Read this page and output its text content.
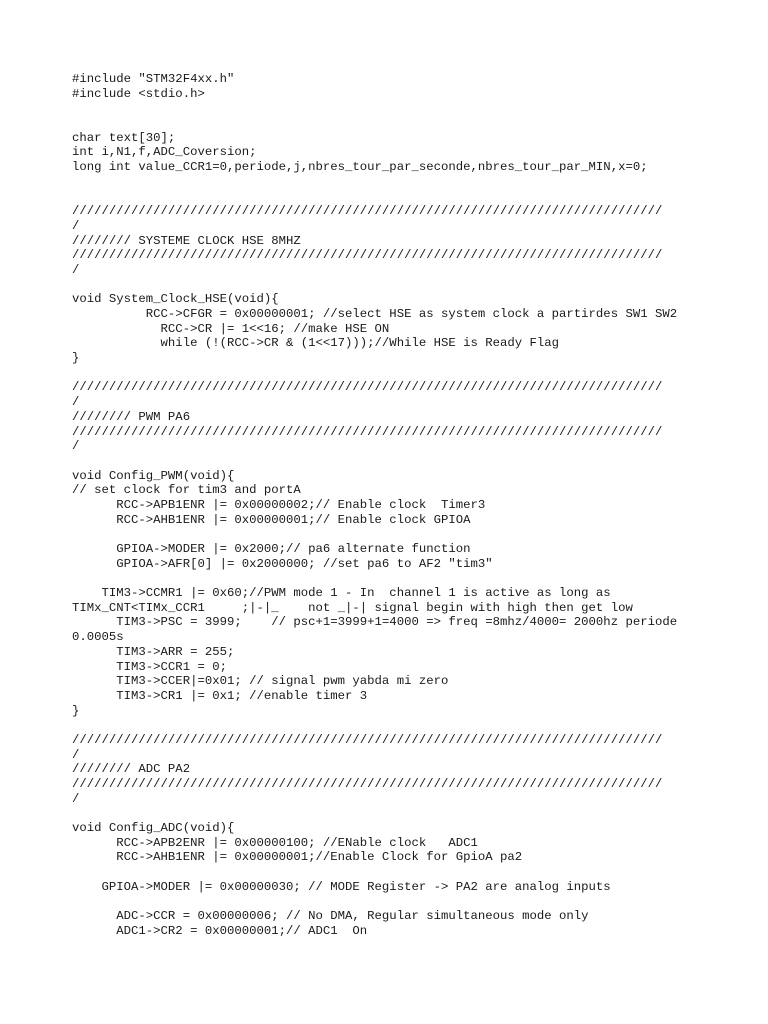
#include "STM32F4xx.h"
#include <stdio.h>
char text[30];
int i,N1,f,ADC_Coversion;
long int value_CCR1=0,periode,j,nbres_tour_par_seconde,nbres_tour_par_MIN,x=0;
////////////////////////////////////////////////////////////////////////////////
/
//////// SYSTEME CLOCK HSE 8MHZ
////////////////////////////////////////////////////////////////////////////////
/
void System_Clock_HSE(void){
RCC->CFGR = 0x00000001; //select HSE as system clock a partirdes SW1 SW2
RCC->CR |= 1<<16; //make HSE ON
while (!(RCC->CR & (1<<17)));//While HSE is Ready Flag
}
////////////////////////////////////////////////////////////////////////////////
/
//////// PWM PA6
////////////////////////////////////////////////////////////////////////////////
/
void Config_PWM(void){
// set clock for tim3 and portA
RCC->APB1ENR |= 0x00000002;// Enable clock  Timer3
RCC->AHB1ENR |= 0x00000001;// Enable clock GPIOA
GPIOA->MODER |= 0x2000;// pa6 alternate function
GPIOA->AFR[0] |= 0x2000000; //set pa6 to AF2 "tim3"
TIM3->CCMR1 |= 0x60;//PWM mode 1 - In  channel 1 is active as long as
TIMx_CNT<TIMx_CCR1     ;|-|_    not _|-| signal begin with high then get low
TIM3->PSC = 3999;    // psc+1=3999+1=4000 => freq =8mhz/4000= 2000hz periode
0.0005s
TIM3->ARR = 255;
TIM3->CCR1 = 0;
TIM3->CCER|=0x01; // signal pwm yabda mi zero
TIM3->CR1 |= 0x1; //enable timer 3
}
////////////////////////////////////////////////////////////////////////////////
/
//////// ADC PA2
////////////////////////////////////////////////////////////////////////////////
/
void Config_ADC(void){
RCC->APB2ENR |= 0x00000100; //ENable clock   ADC1
RCC->AHB1ENR |= 0x00000001;//Enable Clock for GpioA pa2
GPIOA->MODER |= 0x00000030; // MODE Register -> PA2 are analog inputs
ADC->CCR = 0x00000006; // No DMA, Regular simultaneous mode only
ADC1->CR2 = 0x00000001;// ADC1  On
